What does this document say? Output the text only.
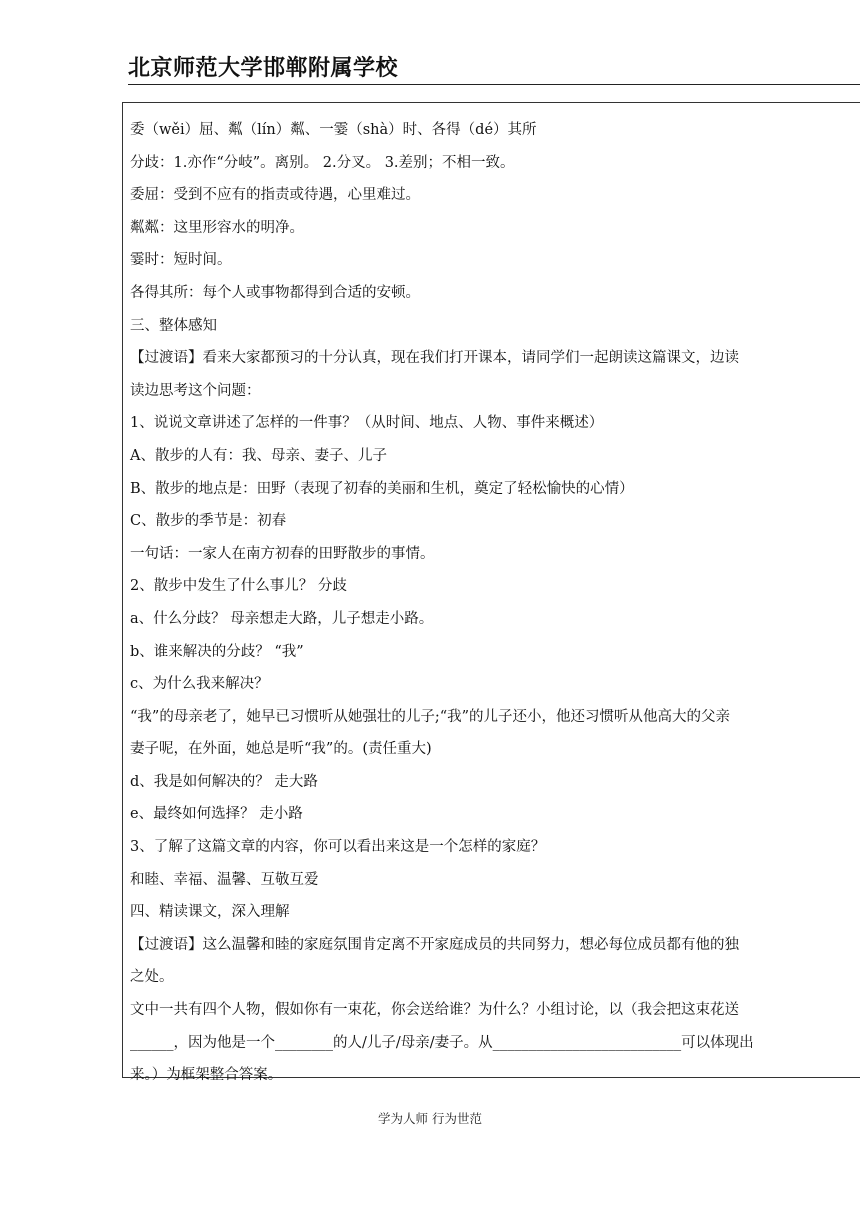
北京师范大学邯郸附属学校
委（wěi）屈、粼（lín）粼、一霎（shà）时、各得（dé）其所
分歧：1.亦作“分岐”。离别。 2.分叉。 3.差别；不相一致。
委屈：受到不应有的指责或待遇，心里难过。
粼粼：这里形容水的明净。
霎时：短时间。
各得其所：每个人或事物都得到合适的安顿。
三、整体感知
【过渡语】看来大家都预习的十分认真，现在我们打开课本，请同学们一起朗读这篇课文，边读
读边思考这个问题：
1、说说文章讲述了怎样的一件事？（从时间、地点、人物、事件来概述）
A、散步的人有：我、母亲、妻子、儿子
B、散步的地点是：田野（表现了初春的美丽和生机，奠定了轻松愉快的心情）
C、散步的季节是：初春
一句话：一家人在南方初春的田野散步的事情。
2、散步中发生了什么事儿？ 分歧
a、什么分歧？ 母亲想走大路，儿子想走小路。
b、谁来解决的分歧？ “我”
c、为什么我来解决？
“我”的母亲老了，她早已习惯听从她强壮的儿子;“我”的儿子还小，他还习惯听从他高大的父亲
妻子呢，在外面，她总是听“我”的。(责任重大)
d、我是如何解决的？ 走大路
e、最终如何选择？ 走小路
3、了解了这篇文章的内容，你可以看出来这是一个怎样的家庭？
和睦、幸福、温馨、互敬互爱
四、精读课文，深入理解
【过渡语】这么温馨和睦的家庭氛围肯定离不开家庭成员的共同努力，想必每位成员都有他的独
之处。
文中一共有四个人物，假如你有一束花，你会送给谁？为什么？小组讨论，以（我会把这束花送
______，因为他是一个________的人/儿子/母亲/妻子。从__________________________可以体现出
来。）为框架整合答案。
学为人师 行为世范
